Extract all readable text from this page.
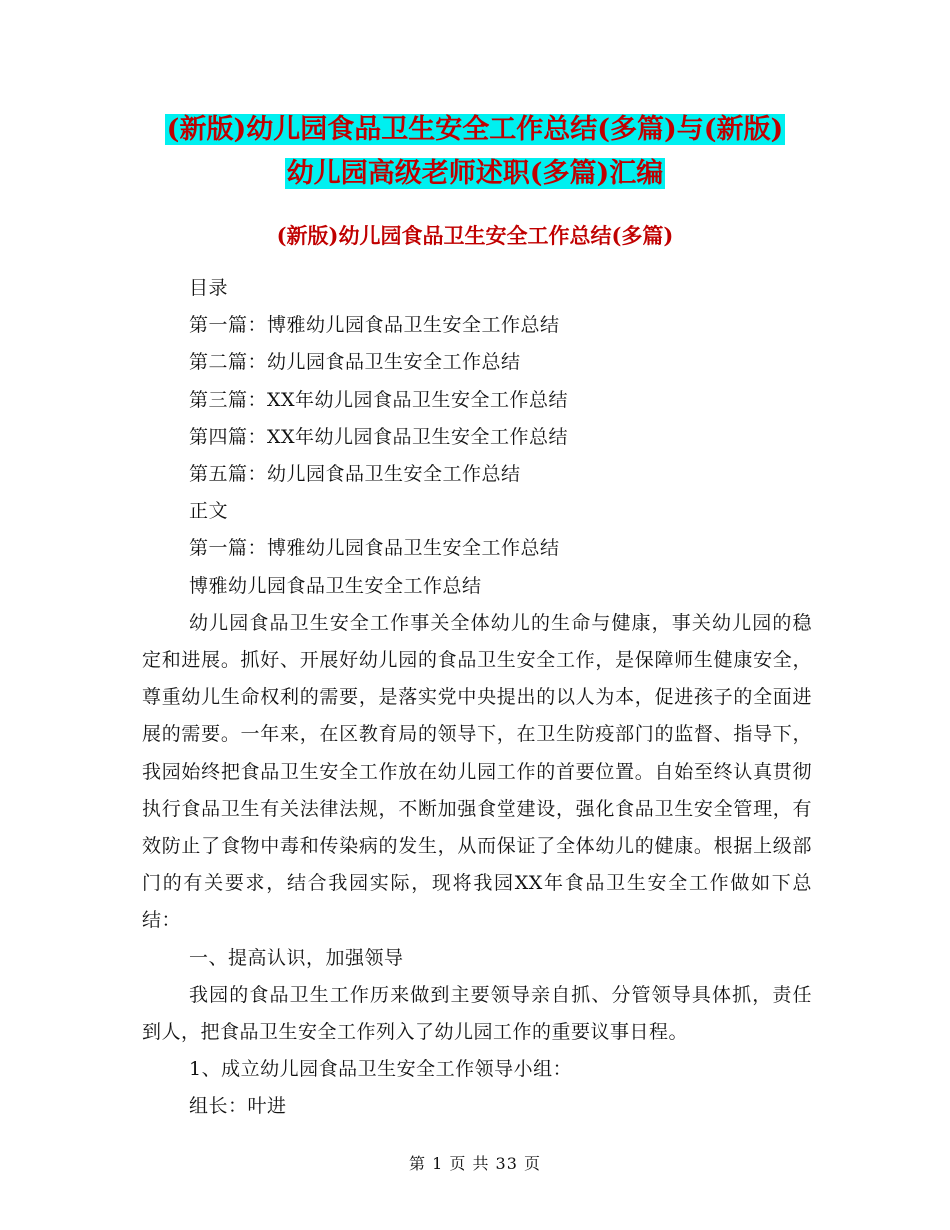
(新版)幼儿园食品卫生安全工作总结(多篇)与(新版)
幼儿园高级老师述职(多篇)汇编
(新版)幼儿园食品卫生安全工作总结(多篇)

目录

第一篇：博雅幼儿园食品卫生安全工作总结

第二篇：幼儿园食品卫生安全工作总结

第三篇：XX年幼儿园食品卫生安全工作总结

第四篇：XX年幼儿园食品卫生安全工作总结

第五篇：幼儿园食品卫生安全工作总结

正文

第一篇：博雅幼儿园食品卫生安全工作总结

博雅幼儿园食品卫生安全工作总结

幼儿园食品卫生安全工作事关全体幼儿的生命与健康，事关幼儿园的稳定和进展。抓好、开展好幼儿园的食品卫生安全工作，是保障师生健康安全，尊重幼儿生命权利的需要，是落实党中央提出的以人为本，促进孩子的全面进展的需要。一年来，在区教育局的领导下，在卫生防疫部门的监督、指导下，我园始终把食品卫生安全工作放在幼儿园工作的首要位置。自始至终认真贯彻执行食品卫生有关法律法规，不断加强食堂建设，强化食品卫生安全管理，有效防止了食物中毒和传染病的发生，从而保证了全体幼儿的健康。根据上级部门的有关要求，结合我园实际，现将我园XX年食品卫生安全工作做如下总结：

一、提高认识，加强领导

我园的食品卫生工作历来做到主要领导亲自抓、分管领导具体抓，责任到人，把食品卫生安全工作列入了幼儿园工作的重要议事日程。

1、成立幼儿园食品卫生安全工作领导小组：

组长：叶进

第 1 页 共 33 页
